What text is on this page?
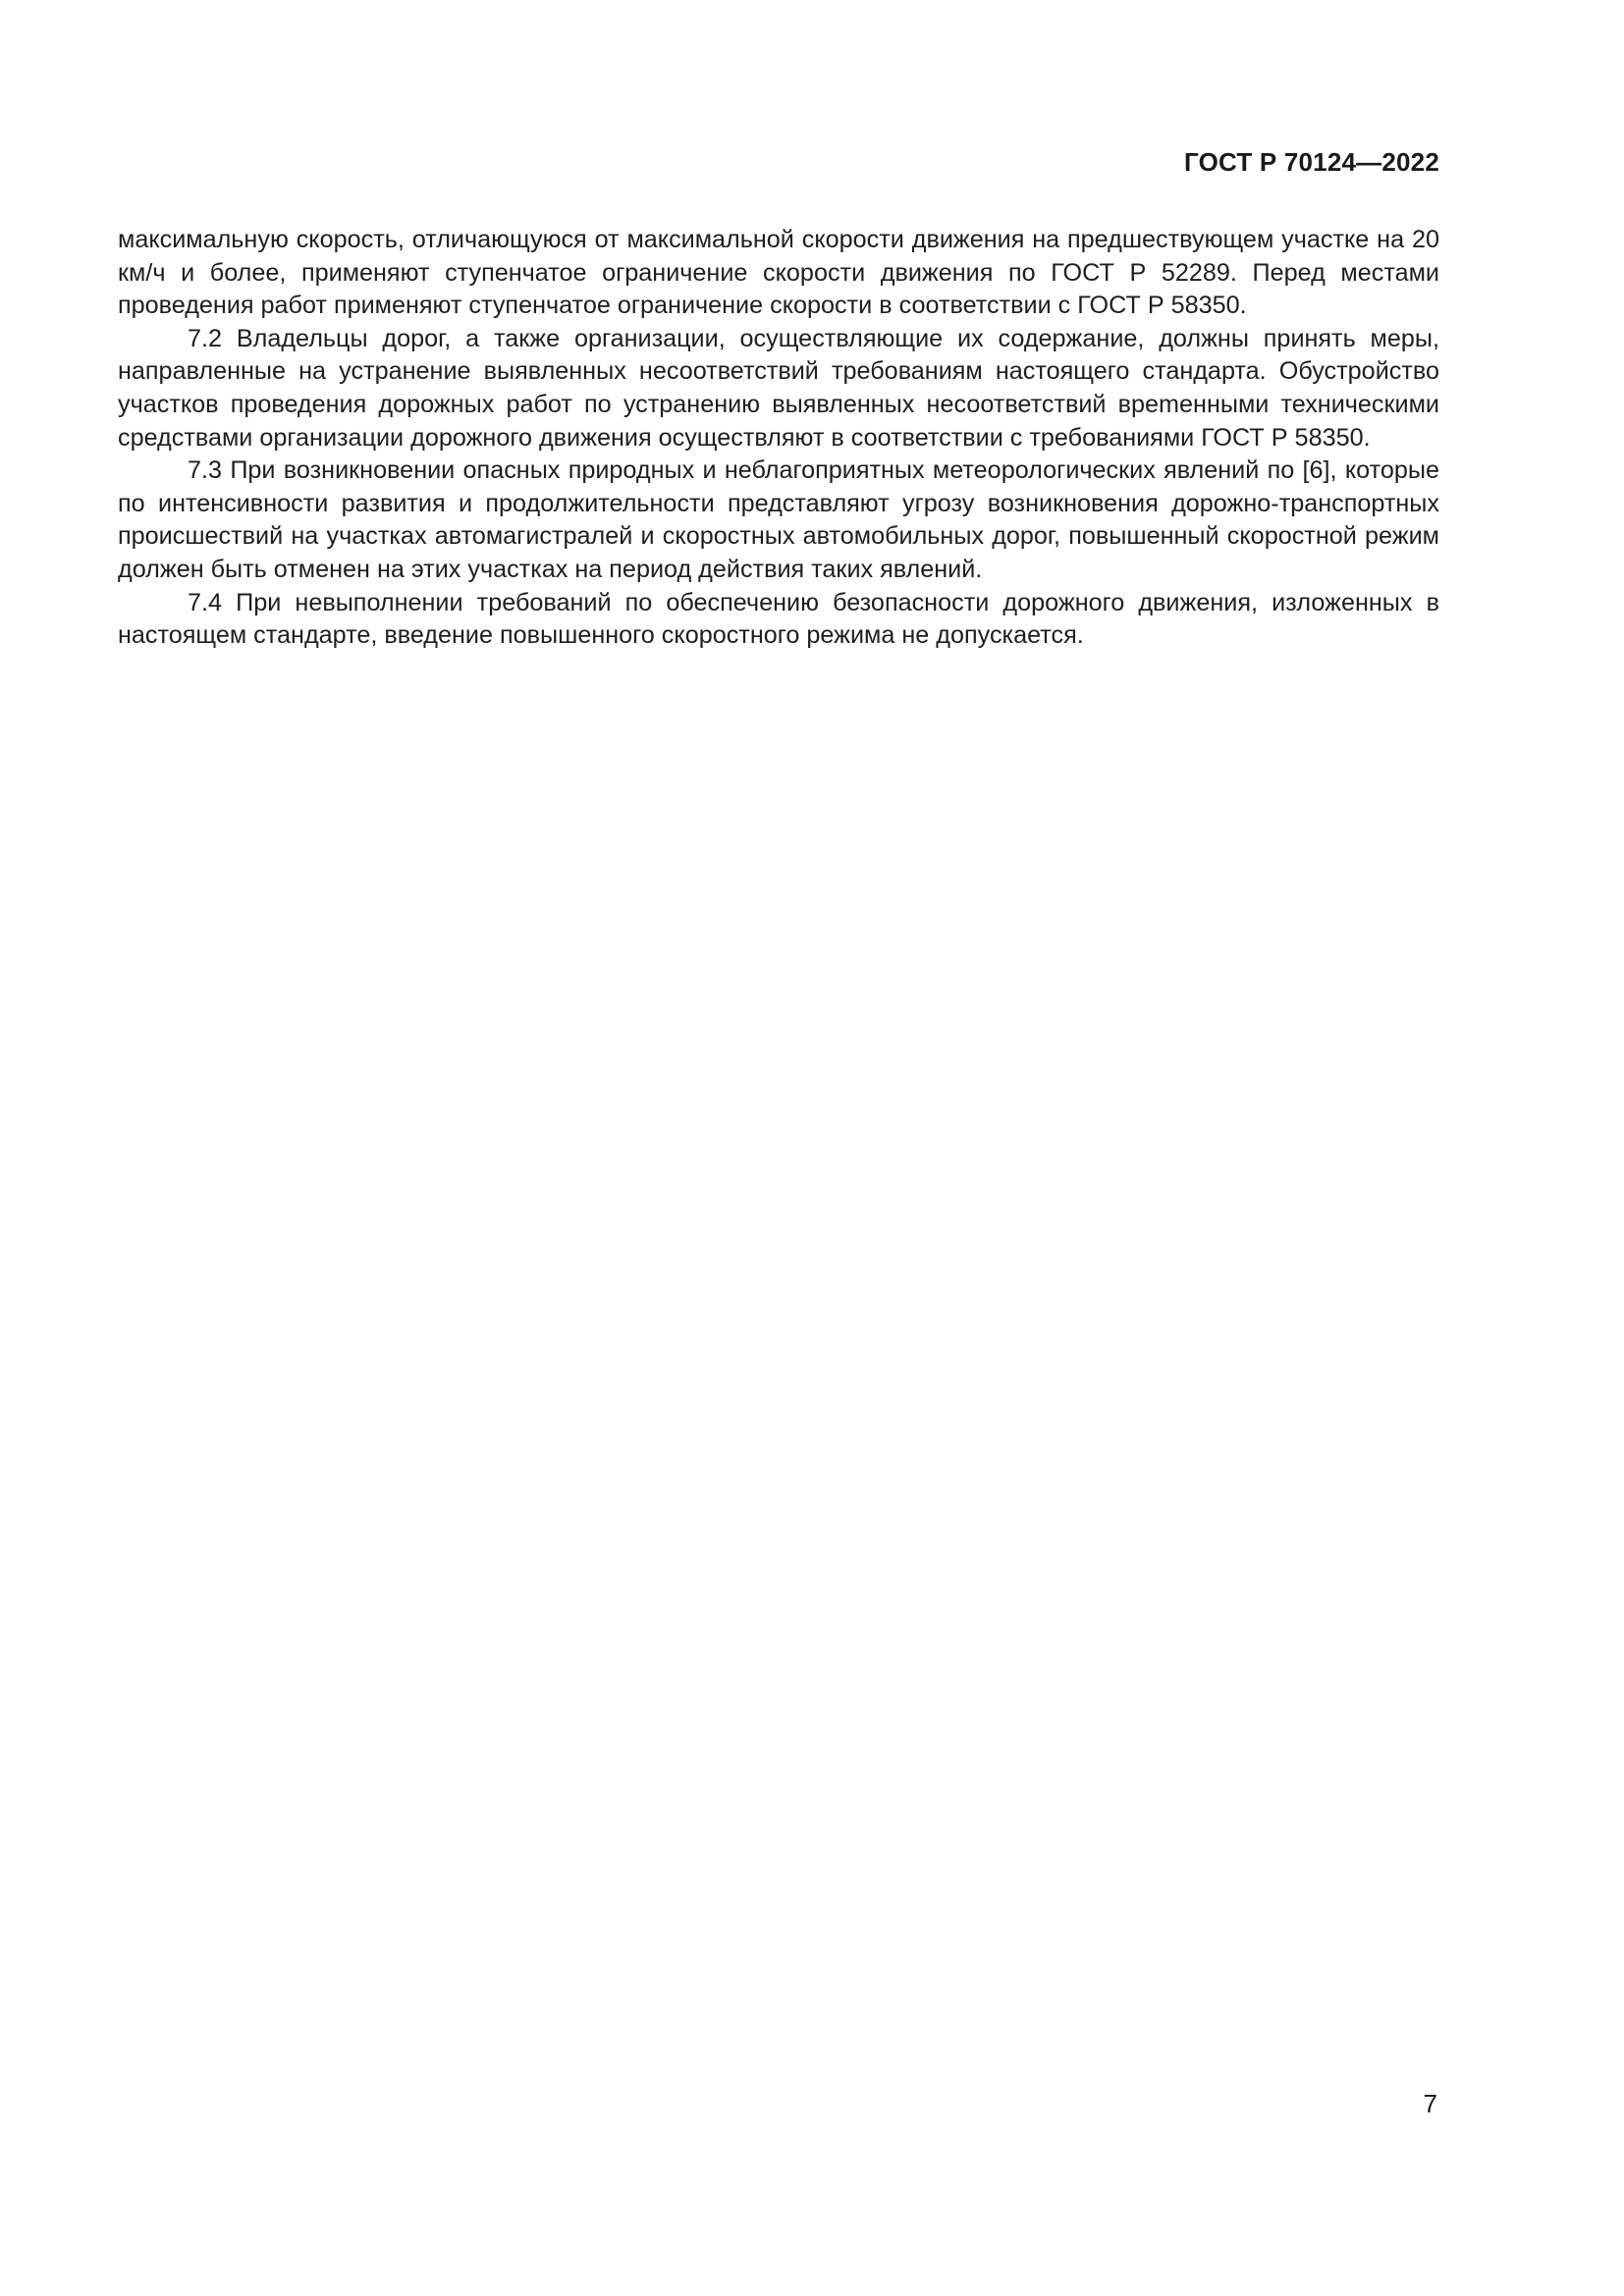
ГОСТ Р 70124—2022

максимальную скорость, отличающуюся от максимальной скорости движения на предшествующем участке на 20 км/ч и более, применяют ступенчатое ограничение скорости движения по ГОСТ Р 52289. Перед местами проведения работ применяют ступенчатое ограничение скорости в соответствии с ГОСТ Р 58350.

7.2 Владельцы дорог, а также организации, осуществляющие их содержание, должны принять меры, направленные на устранение выявленных несоответствий требованиям настоящего стандарта. Обустройство участков проведения дорожных работ по устранению выявленных несоответствий вреmенными техническими средствами организации дорожного движения осуществляют в соответствии с требованиями ГОСТ Р 58350.

7.3 При возникновении опасных природных и неблагоприятных метеорологических явлений по [6], которые по интенсивности развития и продолжительности представляют угрозу возникновения дорожно-транспортных происшествий на участках автомагистралей и скоростных автомобильных дорог, повышенный скоростной режим должен быть отменен на этих участках на период действия таких явлений.

7.4 При невыполнении требований по обеспечению безопасности дорожного движения, изложенных в настоящем стандарте, введение повышенного скоростного режима не допускается.

7
